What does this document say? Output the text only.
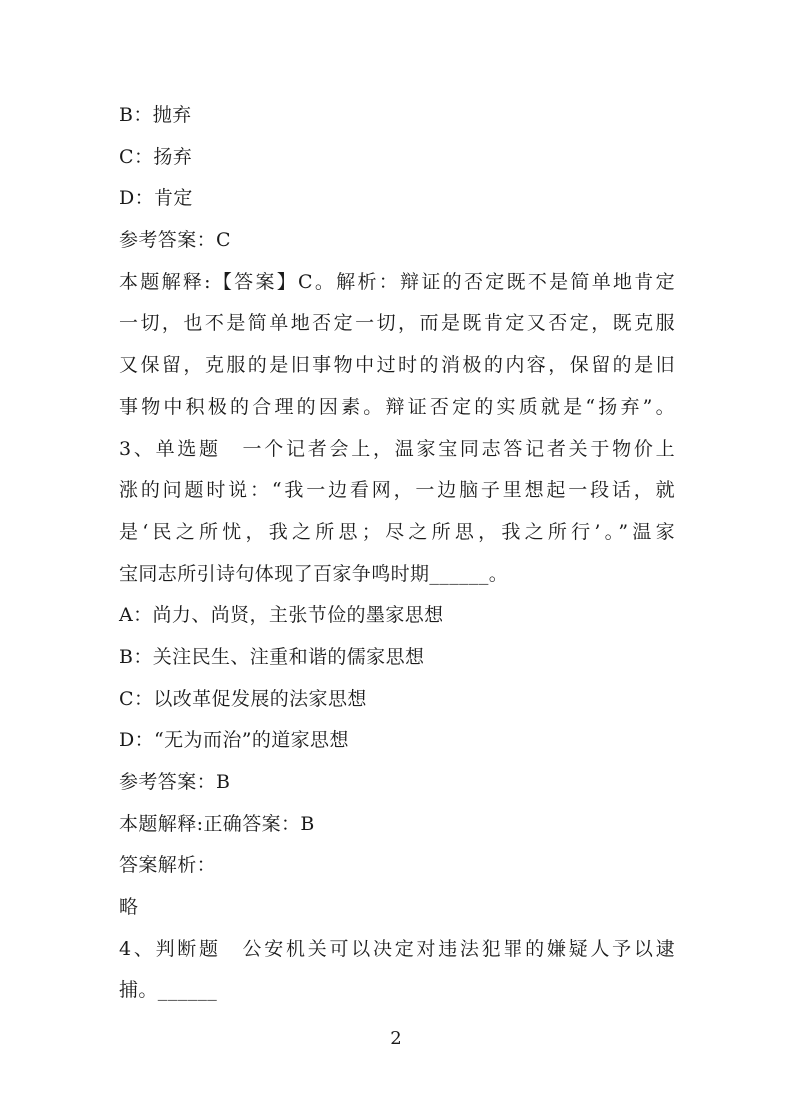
B：抛弃
C：扬弃
D：肯定
参考答案：C
本题解释:【答案】C。解析：辩证的否定既不是简单地肯定
一切，也不是简单地否定一切，而是既肯定又否定，既克服
又保留，克服的是旧事物中过时的消极的内容，保留的是旧
事物中积极的合理的因素。辩证否定的实质就是“扬弃”。
3、单选题　一个记者会上，温家宝同志答记者关于物价上
涨的问题时说：“我一边看网，一边脑子里想起一段话，就
是‘民之所忧，我之所思；尽之所思，我之所行’。”温家
宝同志所引诗句体现了百家争鸣时期______。
A：尚力、尚贤，主张节俭的墨家思想
B：关注民生、注重和谐的儒家思想
C：以改革促发展的法家思想
D：“无为而治”的道家思想
参考答案：B
本题解释:正确答案：B
答案解析：
略
4、判断题　公安机关可以决定对违法犯罪的嫌疑人予以逮
捕。______
2
